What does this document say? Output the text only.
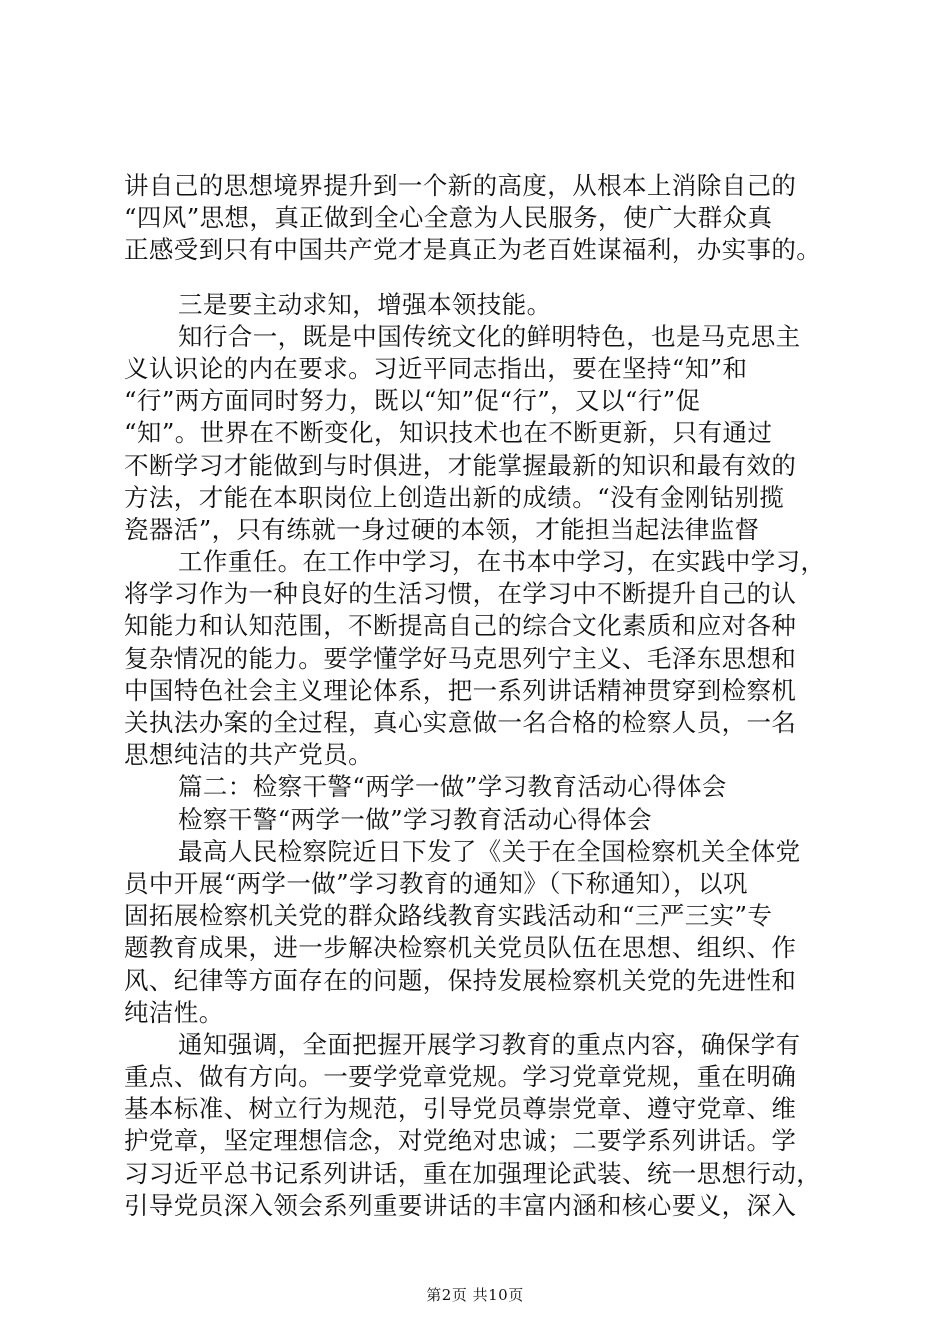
讲自己的思想境界提升到一个新的高度，从根本上消除自己的
“四风”思想，真正做到全心全意为人民服务，使广大群众真
正感受到只有中国共产党才是真正为老百姓谋福利，办实事的。
三是要主动求知，增强本领技能。
知行合一，既是中国传统文化的鲜明特色，也是马克思主
义认识论的内在要求。习近平同志指出，要在坚持“知”和
“行”两方面同时努力，既以“知”促“行”，又以“行”促
“知”。世界在不断变化，知识技术也在不断更新，只有通过
不断学习才能做到与时俱进，才能掌握最新的知识和最有效的
方法，才能在本职岗位上创造出新的成绩。“没有金刚钻别揽
瓷器活”，只有练就一身过硬的本领，才能担当起法律监督
工作重任。在工作中学习，在书本中学习，在实践中学习，
将学习作为一种良好的生活习惯，在学习中不断提升自己的认
知能力和认知范围，不断提高自己的综合文化素质和应对各种
复杂情况的能力。要学懂学好马克思列宁主义、毛泽东思想和
中国特色社会主义理论体系，把一系列讲话精神贯穿到检察机
关执法办案的全过程，真心实意做一名合格的检察人员，一名
思想纯洁的共产党员。
篇二：检察干警“两学一做”学习教育活动心得体会
检察干警“两学一做”学习教育活动心得体会
最高人民检察院近日下发了《关于在全国检察机关全体党
员中开展“两学一做”学习教育的通知》（下称通知），以巩
固拓展检察机关党的群众路线教育实践活动和“三严三实”专
题教育成果，进一步解决检察机关党员队伍在思想、组织、作
风、纪律等方面存在的问题，保持发展检察机关党的先进性和
纯洁性。
通知强调，全面把握开展学习教育的重点内容，确保学有
重点、做有方向。一要学党章党规。学习党章党规，重在明确
基本标准、树立行为规范，引导党员尊崇党章、遵守党章、维
护党章，坚定理想信念，对党绝对忠诚；二要学系列讲话。学
习习近平总书记系列讲话，重在加强理论武装、统一思想行动，
引导党员深入领会系列重要讲话的丰富内涵和核心要义，深入
第2页 共10页
